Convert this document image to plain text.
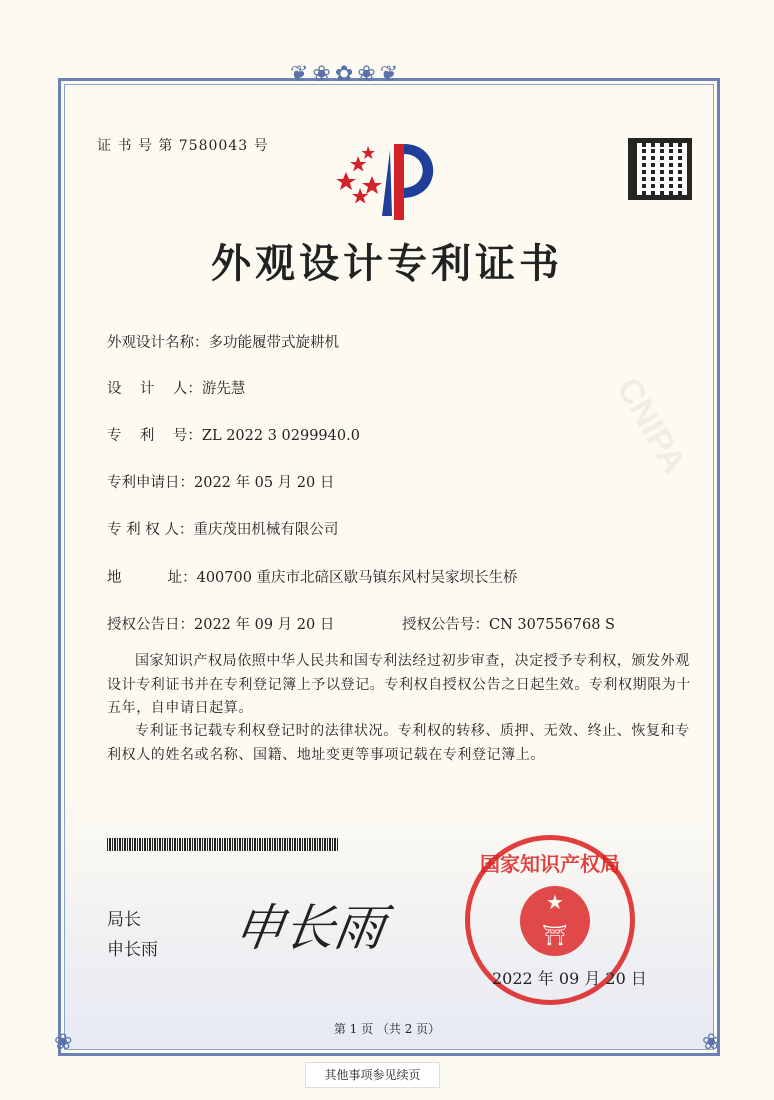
❦❀✿❀❦
❀	❀
CNIPA
证 书 号 第 7580043 号
外观设计专利证书
外观设计名称：多功能履带式旋耕机
设    计    人：游先慧
专    利    号：ZL 2022 3 0299940.0
专利申请日：2022 年 05 月 20 日
专 利 权 人：重庆茂田机械有限公司
地          址：400700 重庆市北碚区歇马镇东风村吴家坝长生桥
授权公告日：2022 年 09 月 20 日	授权公告号：CN 307556768 S
国家知识产权局依照中华人民共和国专利法经过初步审查，决定授予专利权，颁发外观设计专利证书并在专利登记簿上予以登记。专利权自授权公告之日起生效。专利权期限为十五年，自申请日起算。
专利证书记载专利权登记时的法律状况。专利权的转移、质押、无效、终止、恢复和专利权人的姓名或名称、国籍、地址变更等事项记载在专利登记簿上。
局长
申长雨 申长雨
国家知识产权局
★
⛩
2022 年 09 月 20 日
第 1 页 （共 2 页）
其他事项参见续页
